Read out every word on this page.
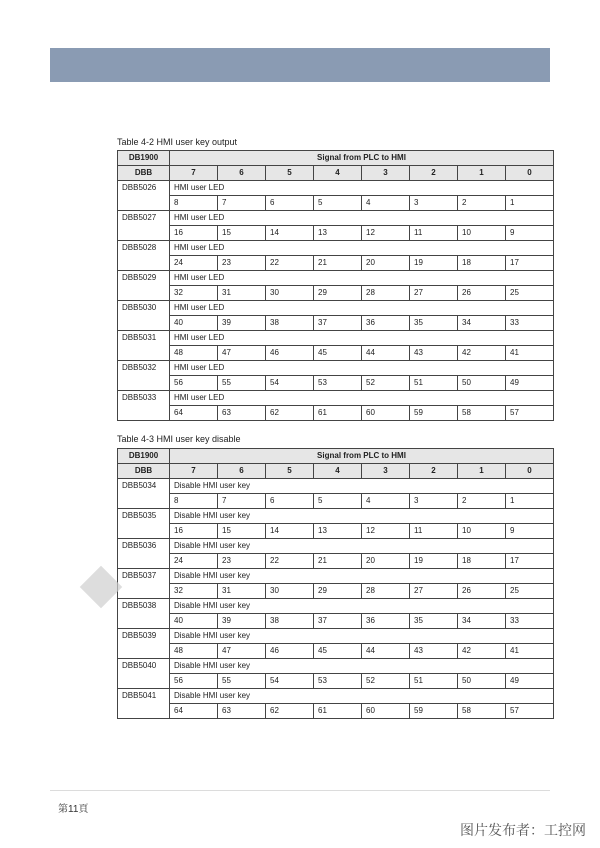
Table 4-2 HMI user key output
DB1900	Signal from PLC to HMI							
DBB	7	6	5	4	3	2	1	0
DBB5026	HMI user LED							
	8	7	6	5	4	3	2	1
DBB5027	HMI user LED							
	16	15	14	13	12	11	10	9
DBB5028	HMI user LED							
	24	23	22	21	20	19	18	17
DBB5029	HMI user LED							
	32	31	30	29	28	27	26	25
DBB5030	HMI user LED							
	40	39	38	37	36	35	34	33
DBB5031	HMI user LED							
	48	47	46	45	44	43	42	41
DBB5032	HMI user LED							
	56	55	54	53	52	51	50	49
DBB5033	HMI user LED							
	64	63	62	61	60	59	58	57
Table 4-3 HMI user key disable
DB1900	Signal from PLC to HMI							
DBB	7	6	5	4	3	2	1	0
DBB5034	Disable HMI user key							
	8	7	6	5	4	3	2	1
DBB5035	Disable HMI user key							
	16	15	14	13	12	11	10	9
DBB5036	Disable HMI user key							
	24	23	22	21	20	19	18	17
DBB5037	Disable HMI user key							
	32	31	30	29	28	27	26	25
DBB5038	Disable HMI user key							
	40	39	38	37	36	35	34	33
DBB5039	Disable HMI user key							
	48	47	46	45	44	43	42	41
DBB5040	Disable HMI user key							
	56	55	54	53	52	51	50	49
DBB5041	Disable HMI user key							
	64	63	62	61	60	59	58	57
第11頁
图片发布者：工控网
